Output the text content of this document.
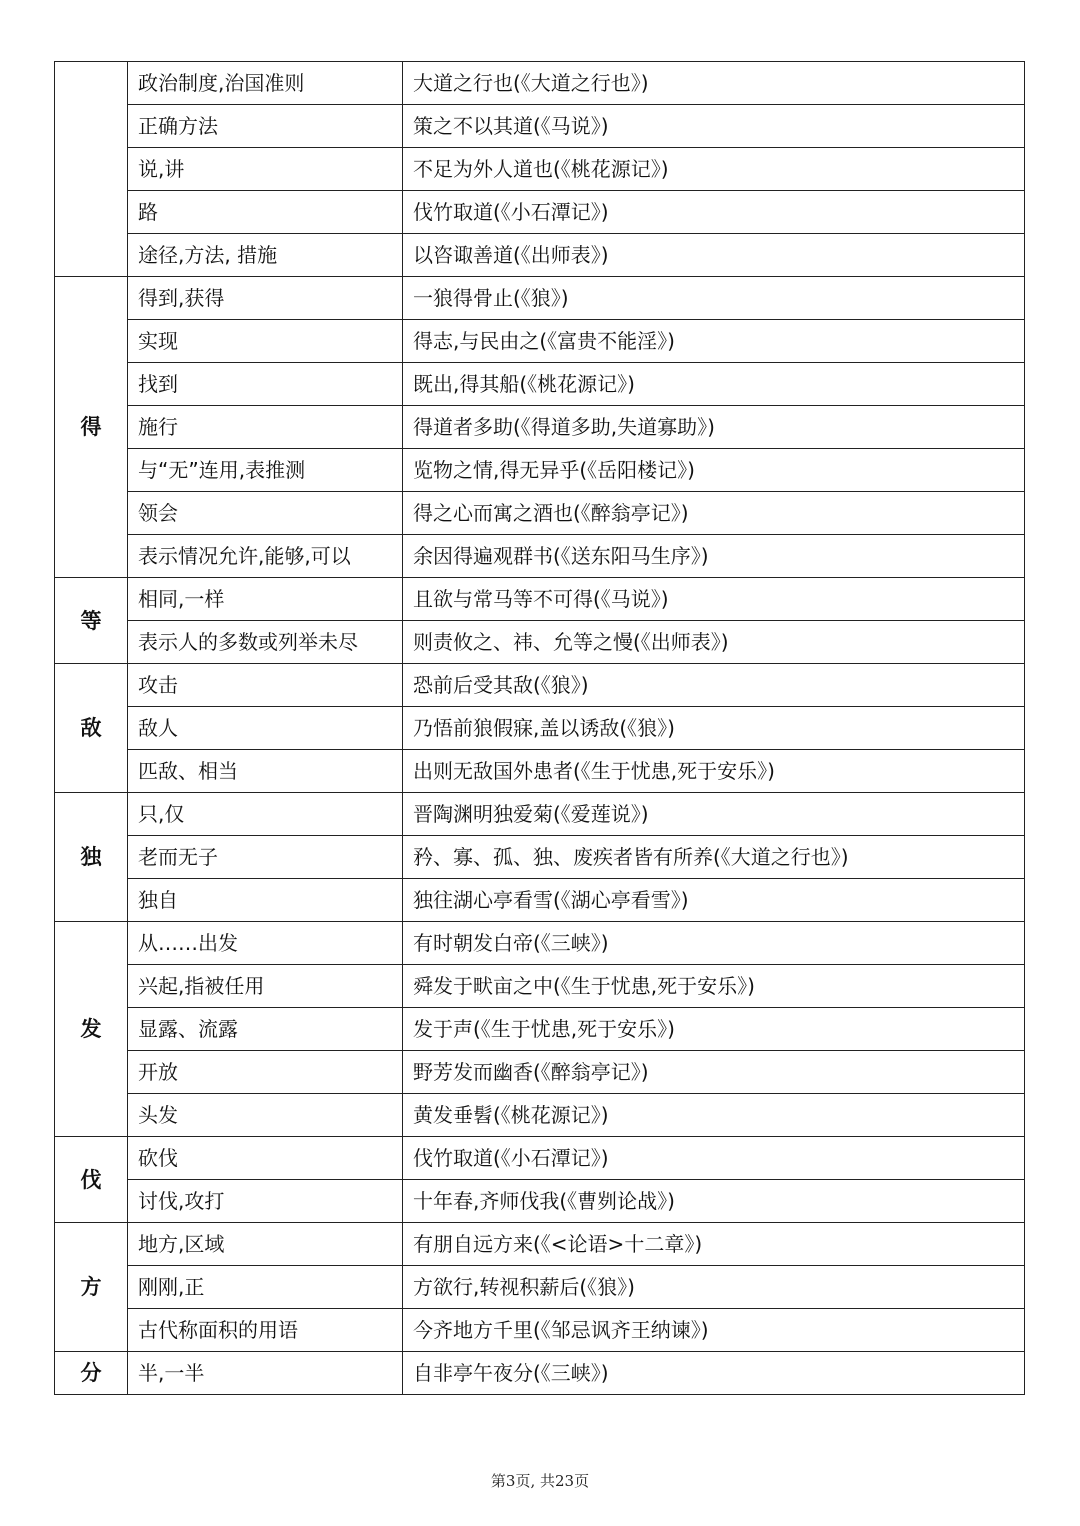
	政治制度,治国准则	大道之行也(《大道之行也》)
	正确方法	策之不以其道(《马说》)
	说,讲	不足为外人道也(《桃花源记》)
	路	伐竹取道(《小石潭记》)
	途径,方法, 措施	以咨诹善道(《出师表》)
得	得到,获得	一狼得骨止(《狼》)
	实现	得志,与民由之(《富贵不能淫》)
	找到	既出,得其船(《桃花源记》)
	施行	得道者多助(《得道多助,失道寡助》)
	与“无”连用,表推测	览物之情,得无异乎(《岳阳楼记》)
	领会	得之心而寓之酒也(《醉翁亭记》)
	表示情况允许,能够,可以	余因得遍观群书(《送东阳马生序》)
等	相同,一样	且欲与常马等不可得(《马说》)
	表示人的多数或列举未尽	则责攸之、祎、允等之慢(《出师表》)
敌	攻击	恐前后受其敌(《狼》)
	敌人	乃悟前狼假寐,盖以诱敌(《狼》)
	匹敌、相当	出则无敌国外患者(《生于忧患,死于安乐》)
独	只,仅	晋陶渊明独爱菊(《爱莲说》)
	老而无子	矜、寡、孤、独、废疾者皆有所养(《大道之行也》)
	独自	独往湖心亭看雪(《湖心亭看雪》)
发	从……出发	有时朝发白帝(《三峡》)
	兴起,指被任用	舜发于畎亩之中(《生于忧患,死于安乐》)
	显露、流露	发于声(《生于忧患,死于安乐》)
	开放	野芳发而幽香(《醉翁亭记》)
	头发	黄发垂髫(《桃花源记》)
伐	砍伐	伐竹取道(《小石潭记》)
	讨伐,攻打	十年春,齐师伐我(《曹刿论战》)
方	地方,区域	有朋自远方来(《<论语>十二章》)
	刚刚,正	方欲行,转视积薪后(《狼》)
	古代称面积的用语	今齐地方千里(《邹忌讽齐王纳谏》)
分	半,一半	自非亭午夜分(《三峡》)
第3页, 共23页
